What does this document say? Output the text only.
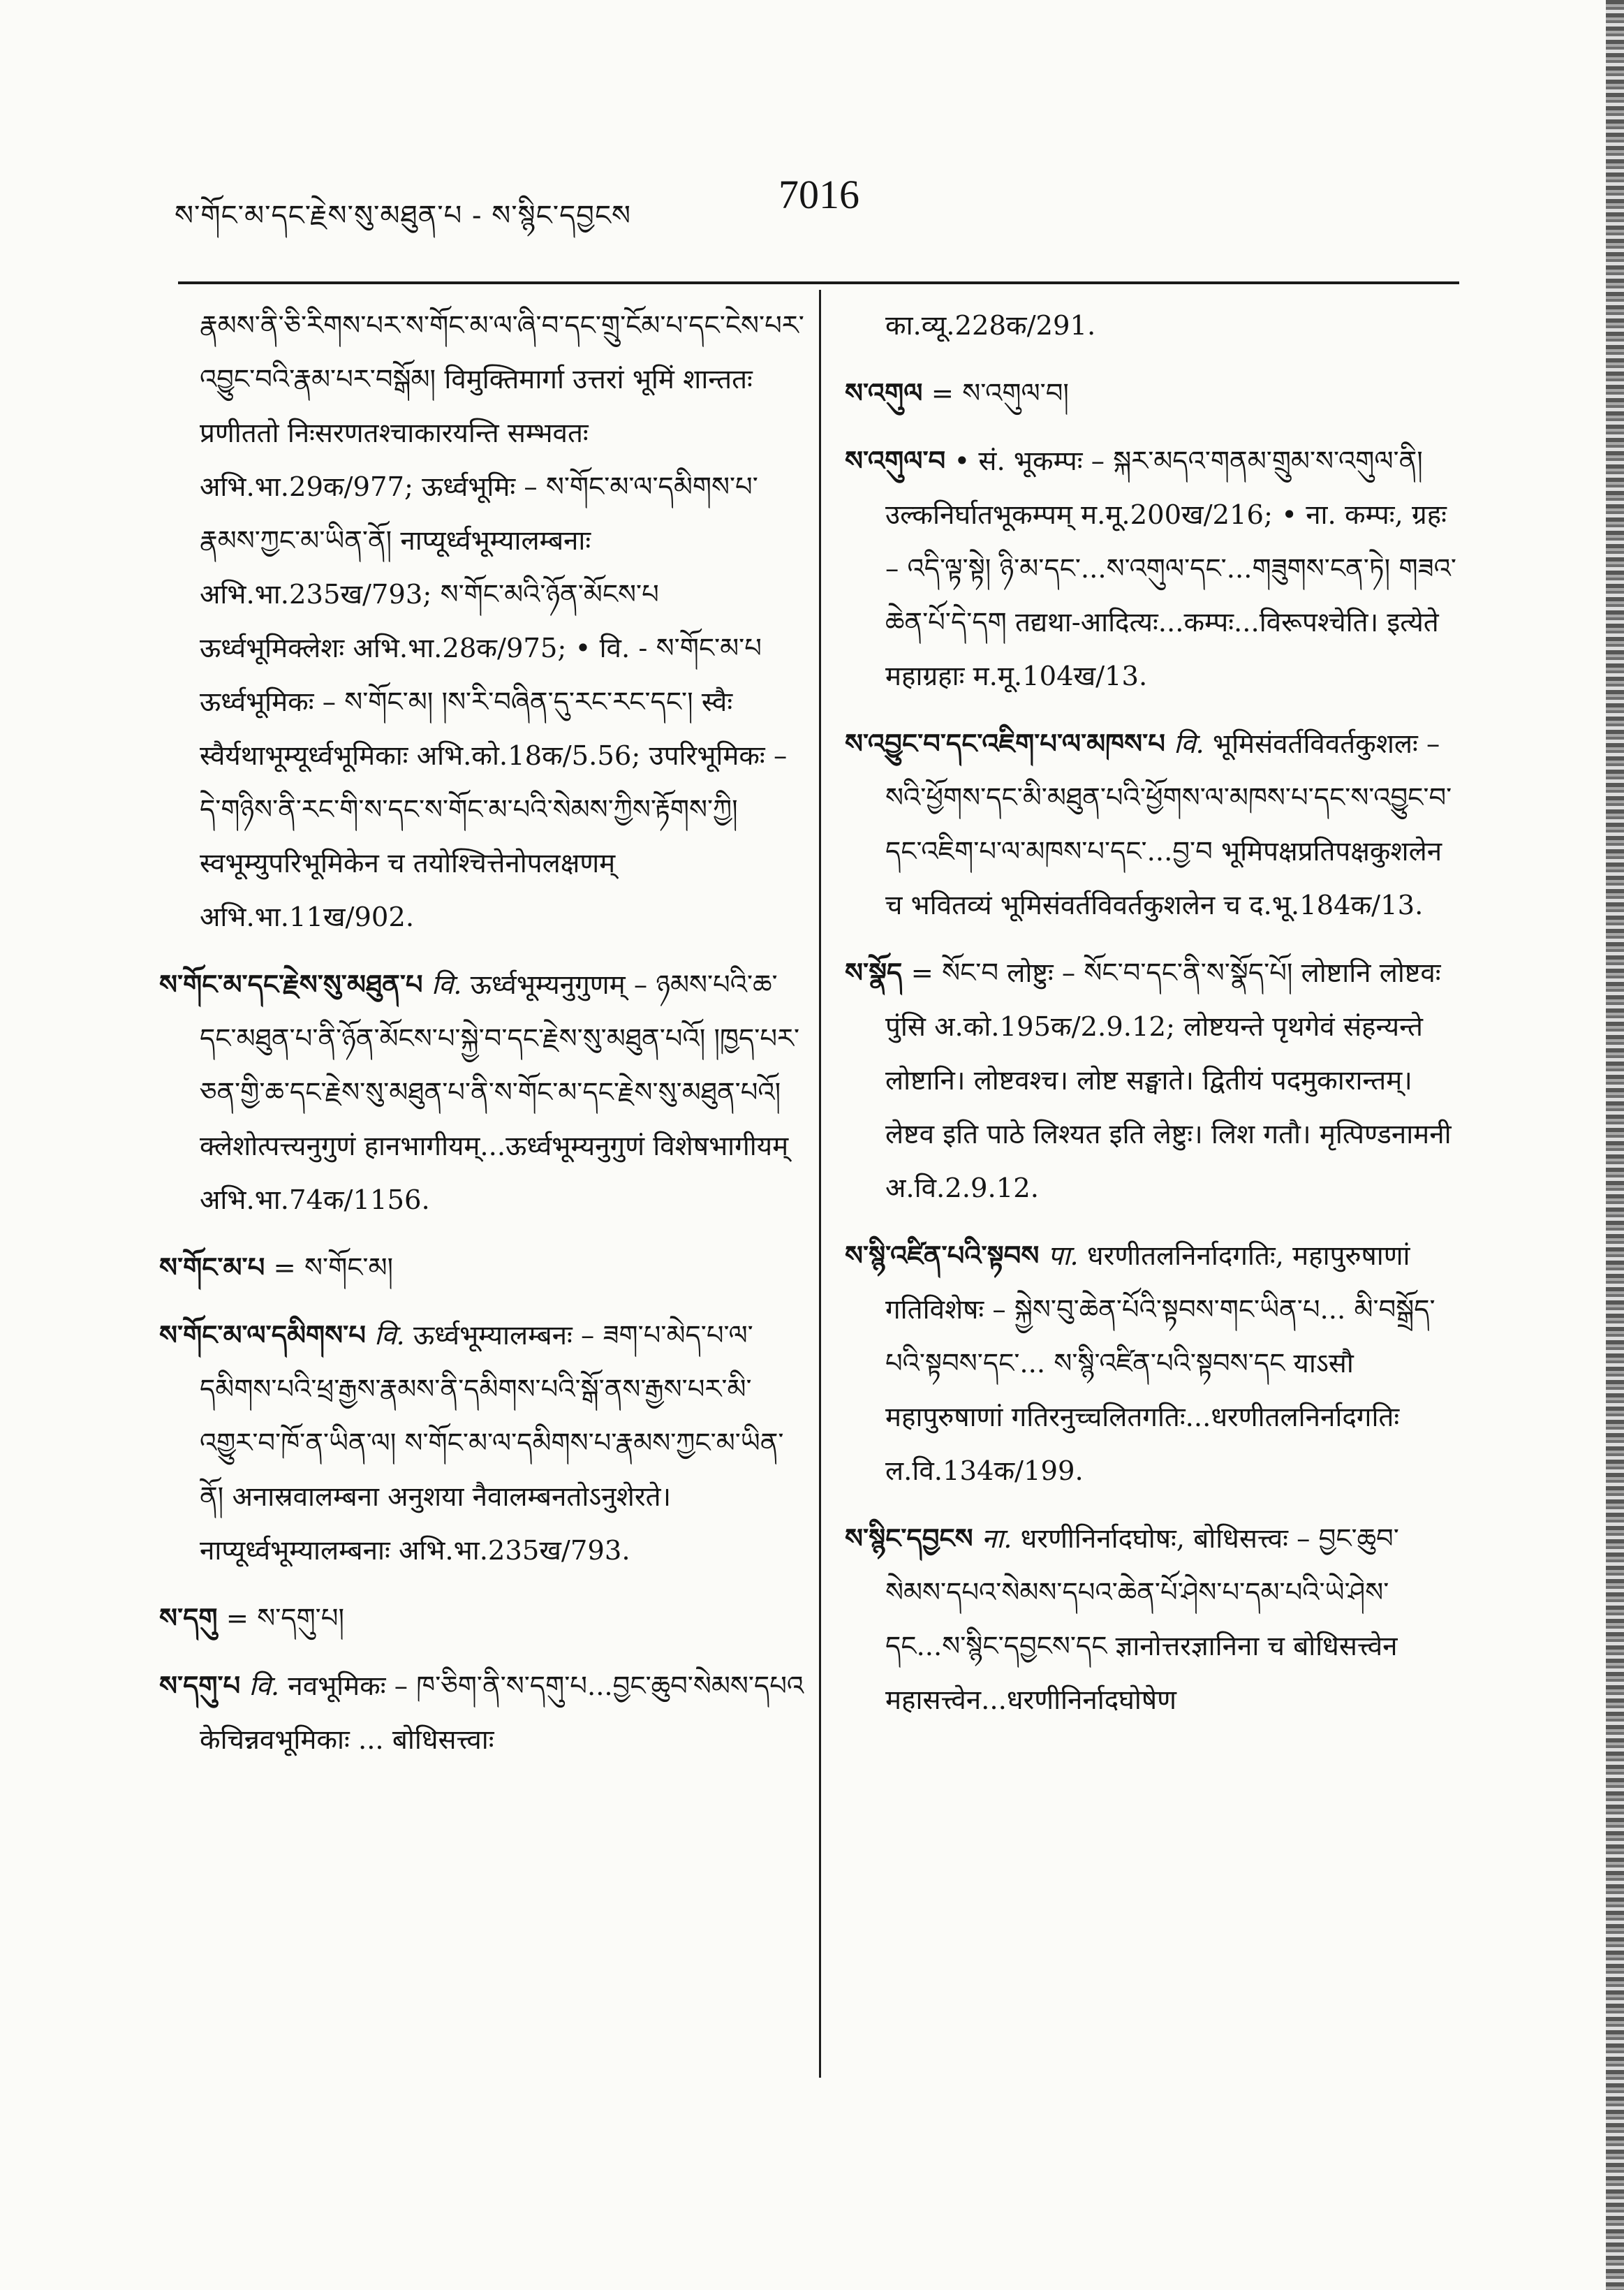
ས་གོང་མ་དང་རྗེས་སུ་མཐུན་པ - ས་སྙིང་དབྱངས	7016
རྣམས་ནི་ཅི་རིགས་པར་ས་གོང་མ་ལ་ཞི་བ་དང་གྲུ་ངོམ་པ་དང་ངེས་པར་འབྱུང་བའི་རྣམ་པར་བསྒོམ། विमुक्तिमार्गा उत्तरां भूमिं शान्ततः प्रणीततो निःसरणतश्चाकारयन्ति सम्भवतः अभि.भा.29क/977; ऊर्ध्वभूमिः – ས་གོང་མ་ལ་དམིགས་པ་རྣམས་ཀྱང་མ་ཡིན་ནོ། नाप्यूर्ध्वभूम्यालम्बनाः अभि.भा.235ख/793; ས་གོང་མའི་ཉོན་མོངས་པ ऊर्ध्वभूमिक्लेशः अभि.भा.28क/975; • वि. - ས་གོང་མ་པ ऊर्ध्वभूमिकः – ས་གོང་མ། །ས་རི་བཞིན་དུ་རང་རང་དང་། स्वैः स्वैर्यथाभूम्यूर्ध्वभूमिकाः अभि.को.18क/5.56; उपरिभूमिकः – དེ་གཉིས་ནི་རང་གི་ས་དང་ས་གོང་མ་པའི་སེམས་ཀྱིས་རྟོགས་ཀྱི། स्वभूम्युपरिभूमिकेन च तयोश्चित्तेनोपलक्षणम् अभि.भा.11ख/902.
ས་གོང་མ་དང་རྗེས་སུ་མཐུན་པ वि. ऊर्ध्वभूम्यनुगुणम् – ཉམས་པའི་ཆ་དང་མཐུན་པ་ནི་ཉོན་མོངས་པ་སྐྱེ་བ་དང་རྗེས་སུ་མཐུན་པའོ། །ཁྱད་པར་ཅན་གྱི་ཆ་དང་རྗེས་སུ་མཐུན་པ་ནི་ས་གོང་མ་དང་རྗེས་སུ་མཐུན་པའོ། क्लेशोत्पत्त्यनुगुणं हानभागीयम्...ऊर्ध्वभूम्यनुगुणं विशेषभागीयम् अभि.भा.74क/1156.
ས་གོང་མ་པ = ས་གོང་མ།
ས་གོང་མ་ལ་དམིགས་པ वि. ऊर्ध्वभूम्यालम्बनः – ཟག་པ་མེད་པ་ལ་དམིགས་པའི་ཕྲ་རྒྱས་རྣམས་ནི་དམིགས་པའི་སྒོ་ནས་རྒྱས་པར་མི་འགྱུར་བ་ཁོ་ན་ཡིན་ལ། ས་གོང་མ་ལ་དམིགས་པ་རྣམས་ཀྱང་མ་ཡིན་ནོ། अनास्रवालम्बना अनुशया नैवालम्बनतोऽनुशेरते। नाप्यूर्ध्वभूम्यालम्बनाः अभि.भा.235ख/793.
ས་དགུ = ས་དགུ་པ།
ས་དགུ་པ वि. नवभूमिकः – ཁ་ཅིག་ནི་ས་དགུ་པ...བྱང་ཆུབ་སེམས་དཔའ केचिन्नवभूमिकाः ... बोधिसत्त्वाः
का.व्यू.228क/291.
ས་འགུལ = ས་འགུལ་བ།
ས་འགུལ་བ • सं. भूकम्पः – སྐར་མདའ་གནམ་གྲུམ་ས་འགུལ་ནི། उल्कनिर्घातभूकम्पम् म.मू.200ख/216; • ना. कम्पः, ग्रहः – འདི་ལྟ་སྟེ། ཉི་མ་དང་...ས་འགུལ་དང་...གཟུགས་ངན་ཏེ། གཟའ་ཆེན་པོ་དེ་དག तद्यथा-आदित्यः...कम्पः...विरूपश्चेति। इत्येते महाग्रहाः म.मू.104ख/13.
ས་འབྱུང་བ་དང་འཇིག་པ་ལ་མཁས་པ वि. भूमिसंवर्तविवर्तकुशलः – སའི་ཕྱོགས་དང་མི་མཐུན་པའི་ཕྱོགས་ལ་མཁས་པ་དང་ས་འབྱུང་བ་དང་འཇིག་པ་ལ་མཁས་པ་དང་...བྱ་བ भूमिपक्षप्रतिपक्षकुशलेन च भवितव्यं भूमिसंवर्तविवर्तकुशलेन च द.भू.184क/13.
ས་སྣོད = སོང་བ लोष्टुः – སོང་བ་དང་ནི་ས་སྣོད་པོ། लोष्टानि लोष्टवः पुंसि अ.को.195क/2.9.12; लोष्टयन्ते पृथगेवं संहन्यन्ते लोष्टानि। लोष्टवश्च। लोष्ट सङ्घाते। द्वितीयं पदमुकारान्तम्। लेष्टव इति पाठे लिश्यत इति लेष्टुः। लिश गतौ। मृत्पिण्डनामनी अ.वि.2.9.12.
ས་སྙི་འཛིན་པའི་སྟབས पा. धरणीतलनिर्नादगतिः, महापुरुषाणां गतिविशेषः – སྐྱེས་བུ་ཆེན་པོའི་སྟབས་གང་ཡིན་པ... མི་བསྒྲོད་པའི་སྟབས་དང་... ས་སྙི་འཛིན་པའི་སྟབས་དང याऽसौ महापुरुषाणां गतिरनुच्चलितगतिः...धरणीतलनिर्नादगतिः ल.वि.134क/199.
ས་སྙིང་དབྱངས ना. धरणीनिर्नादघोषः, बोधिसत्त्वः – བྱང་ཆུབ་སེམས་དཔའ་སེམས་དཔའ་ཆེན་པོ་ཤེས་པ་དམ་པའི་ཡེ་ཤེས་དང...ས་སྙིང་དབྱངས་དང ज्ञानोत्तरज्ञानिना च बोधिसत्त्वेन महासत्त्वेन...धरणीनिर्नादघोषेण
